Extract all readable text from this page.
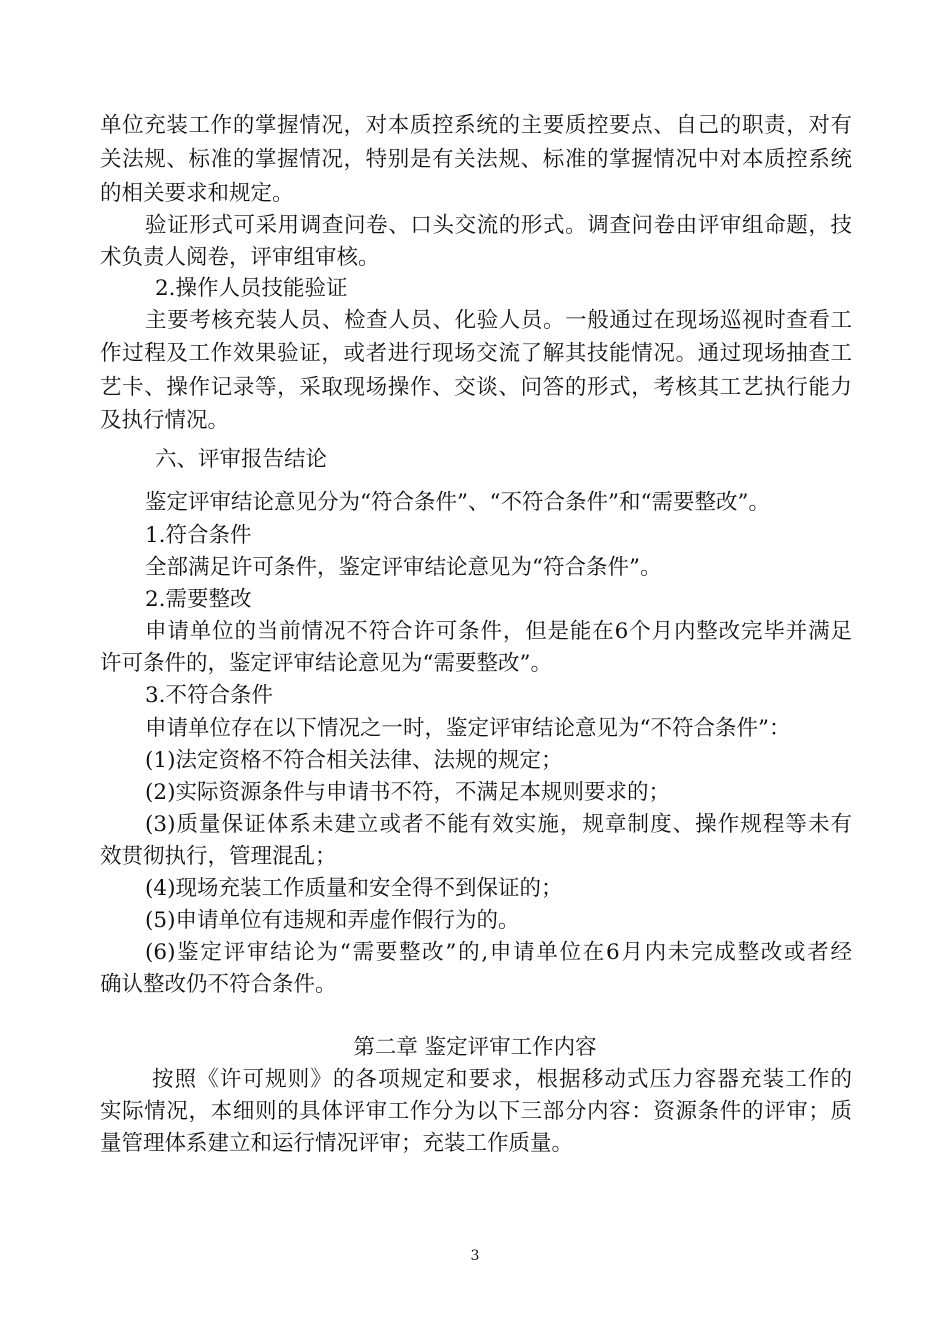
单位充装工作的掌握情况，对本质控系统的主要质控要点、自己的职责，对有
关法规、标准的掌握情况，特别是有关法规、标准的掌握情况中对本质控系统
的相关要求和规定。
验证形式可采用调查问卷、口头交流的形式。调查问卷由评审组命题，技
术负责人阅卷，评审组审核。
2.操作人员技能验证
主要考核充装人员、检查人员、化验人员。一般通过在现场巡视时查看工
作过程及工作效果验证，或者进行现场交流了解其技能情况。通过现场抽查工
艺卡、操作记录等，采取现场操作、交谈、问答的形式，考核其工艺执行能力
及执行情况。
六、评审报告结论
鉴定评审结论意见分为“符合条件”、“不符合条件”和“需要整改”。
1.符合条件
全部满足许可条件，鉴定评审结论意见为“符合条件”。
2.需要整改
申请单位的当前情况不符合许可条件，但是能在6个月内整改完毕并满足
许可条件的，鉴定评审结论意见为“需要整改”。
3.不符合条件
申请单位存在以下情况之一时，鉴定评审结论意见为“不符合条件”：
(1)法定资格不符合相关法律、法规的规定；
(2)实际资源条件与申请书不符，不满足本规则要求的；
(3)质量保证体系未建立或者不能有效实施，规章制度、操作规程等未有
效贯彻执行，管理混乱；
(4)现场充装工作质量和安全得不到保证的；
(5)申请单位有违规和弄虚作假行为的。
(6)鉴定评审结论为“需要整改”的,申请单位在6月内未完成整改或者经
确认整改仍不符合条件。
第二章 鉴定评审工作内容
按照《许可规则》的各项规定和要求，根据移动式压力容器充装工作的
实际情况，本细则的具体评审工作分为以下三部分内容：资源条件的评审；质
量管理体系建立和运行情况评审；充装工作质量。
3
